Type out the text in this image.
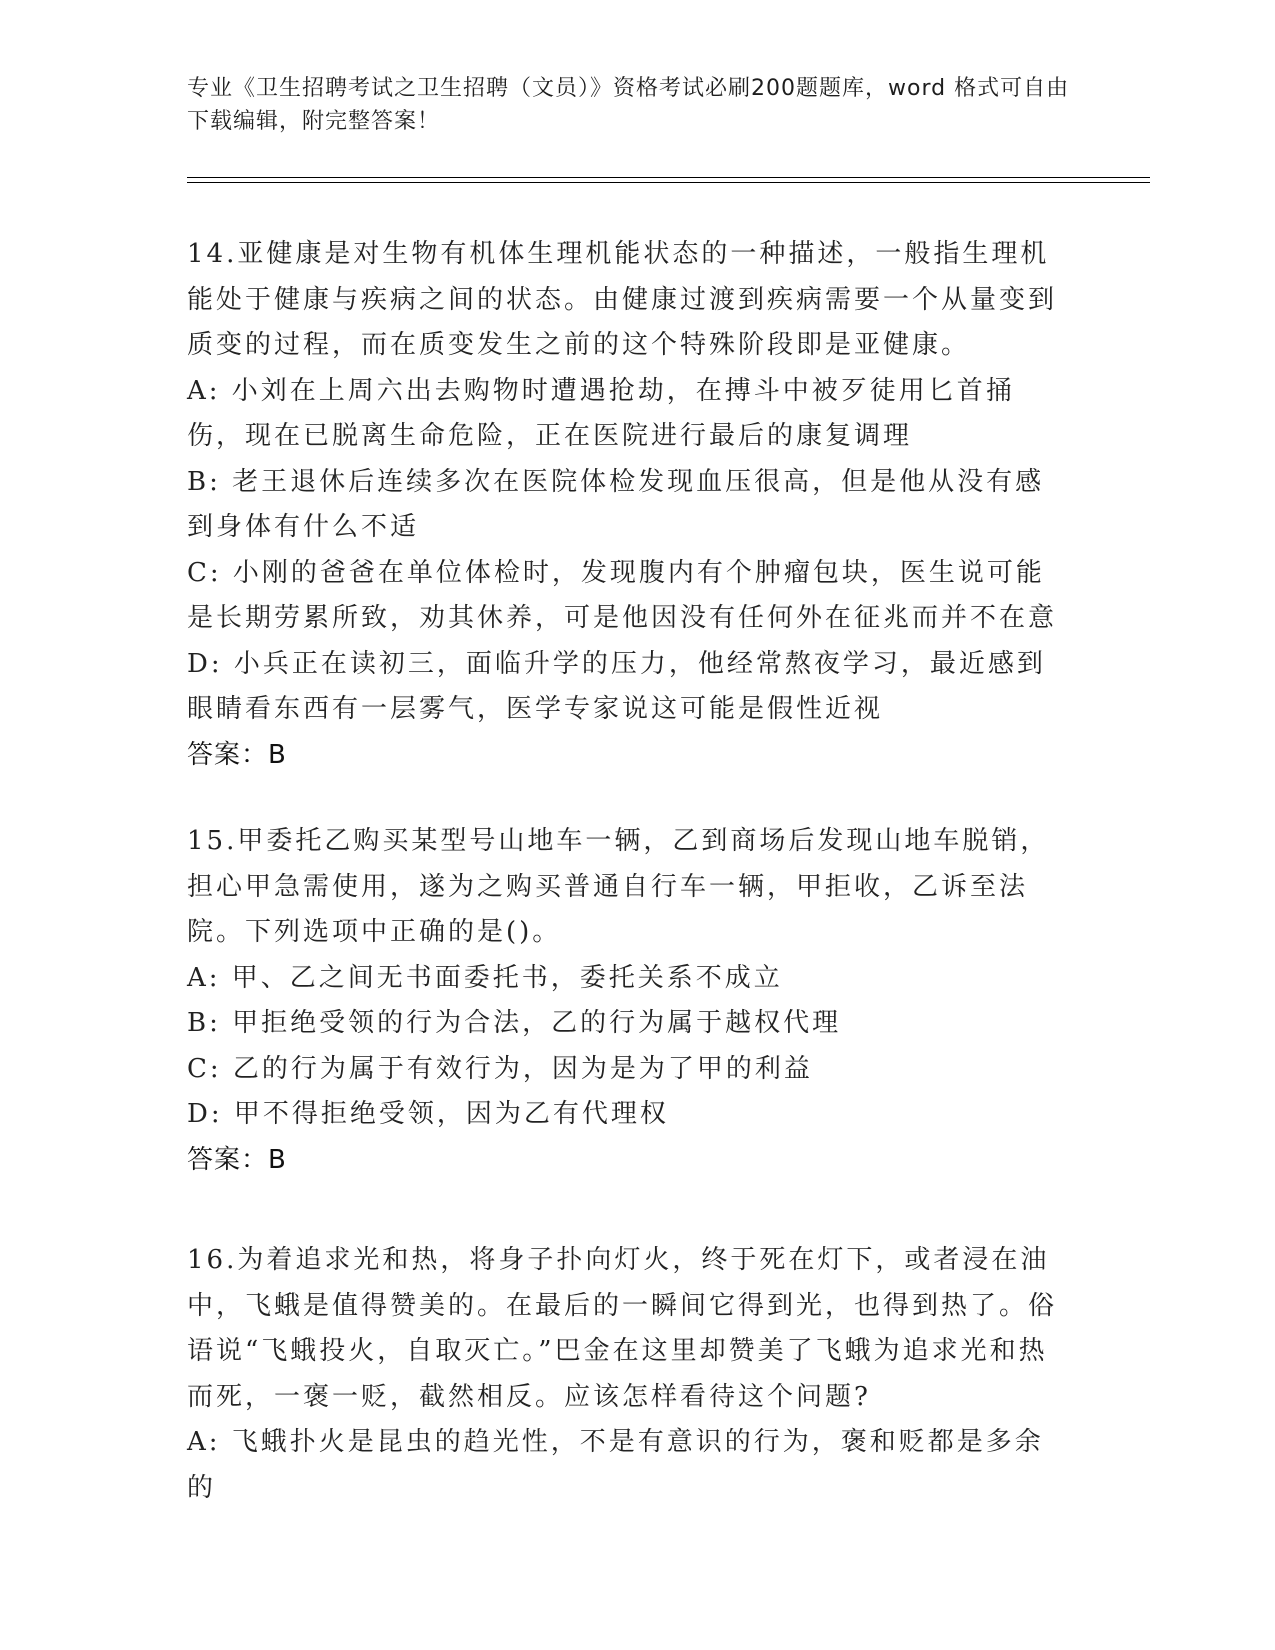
专业《卫生招聘考试之卫生招聘（文员）》资格考试必刷200题题库，word 格式可自由下载编辑，附完整答案！

14.亚健康是对生物有机体生理机能状态的一种描述，一般指生理机能处于健康与疾病之间的状态。由健康过渡到疾病需要一个从量变到质变的过程，而在质变发生之前的这个特殊阶段即是亚健康。

A: 小刘在上周六出去购物时遭遇抢劫，在搏斗中被歹徒用匕首捅伤，现在已脱离生命危险，正在医院进行最后的康复调理

B: 老王退休后连续多次在医院体检发现血压很高，但是他从没有感到身体有什么不适

C: 小刚的爸爸在单位体检时，发现腹内有个肿瘤包块，医生说可能是长期劳累所致，劝其休养，可是他因没有任何外在征兆而并不在意

D: 小兵正在读初三，面临升学的压力，他经常熬夜学习，最近感到眼睛看东西有一层雾气，医学专家说这可能是假性近视

答案：B

15.甲委托乙购买某型号山地车一辆，乙到商场后发现山地车脱销，担心甲急需使用，遂为之购买普通自行车一辆，甲拒收，乙诉至法院。下列选项中正确的是()。

A: 甲、乙之间无书面委托书，委托关系不成立

B: 甲拒绝受领的行为合法，乙的行为属于越权代理

C: 乙的行为属于有效行为，因为是为了甲的利益

D: 甲不得拒绝受领，因为乙有代理权

答案：B

16.为着追求光和热，将身子扑向灯火，终于死在灯下，或者浸在油中，飞蛾是值得赞美的。在最后的一瞬间它得到光，也得到热了。俗语说“飞蛾投火，自取灭亡。”巴金在这里却赞美了飞蛾为追求光和热而死，一褒一贬，截然相反。应该怎样看待这个问题?

A: 飞蛾扑火是昆虫的趋光性，不是有意识的行为，褒和贬都是多余的
